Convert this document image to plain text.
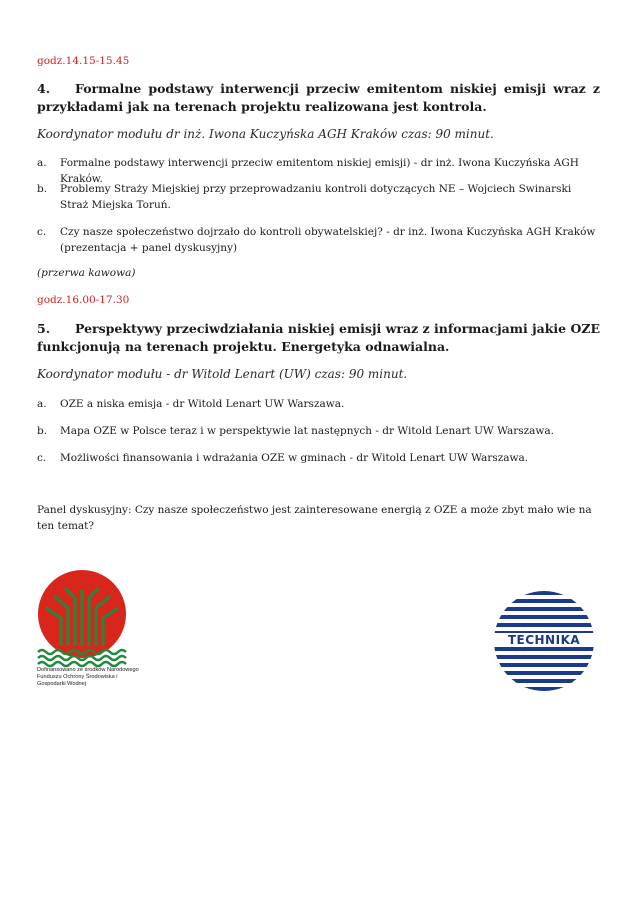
godz.14.15-15.45
4. Formalne podstawy interwencji przeciw emitentom niskiej emisji wraz z przykładami jak na terenach projektu realizowana jest kontrola.
Koordynator modułu dr inż. Iwona Kuczyńska AGH Kraków czas: 90 minut.
a. Formalne podstawy interwencji przeciw emitentom niskiej emisji) - dr inż. Iwona Kuczyńska AGH Kraków.
b. Problemy Straży Miejskiej przy przeprowadzaniu kontroli dotyczących NE – Wojciech Swinarski Straż Miejska Toruń.
c. Czy nasze społeczeństwo dojrzało do kontroli obywatelskiej? - dr inż. Iwona Kuczyńska AGH Kraków (prezentacja + panel dyskusyjny)
(przerwa kawowa)
godz.16.00-17.30
5. Perspektywy przeciwdziałania niskiej emisji wraz z informacjami jakie OZE funkcjonują na terenach projektu. Energetyka odnawialna.
Koordynator modułu - dr Witold Lenart (UW) czas: 90 minut.
a. OZE a niska emisja - dr Witold Lenart UW Warszawa.
b. Mapa OZE w Polsce teraz i w perspektywie lat następnych - dr Witold Lenart UW Warszawa.
c. Możliwości finansowania i wdrażania OZE w gminach - dr Witold Lenart UW Warszawa.
Panel dyskusyjny: Czy nasze społeczeństwo jest zainteresowane energią z OZE a może zbyt mało wie na ten temat?
Dofinansowano ze środków Narodowego Funduszu Ochrony Środowiska i Gospodarki Wodnej
TECHNIKA
